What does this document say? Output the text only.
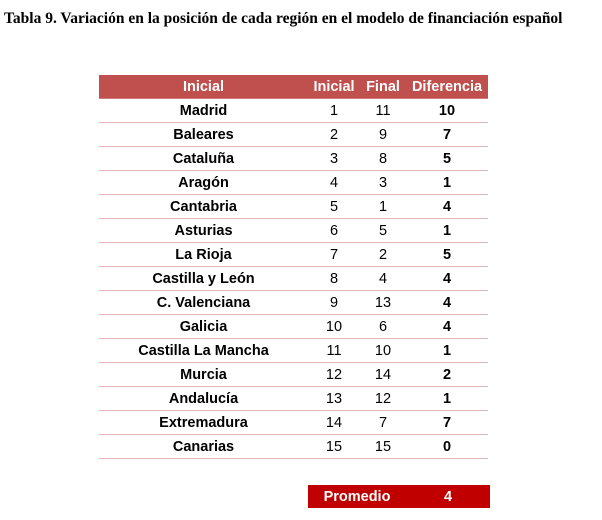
Tabla 9. Variación en la posición de cada región en el modelo de financiación español
Inicial	Inicial	Final	Diferencia
Madrid	1	11	10
Baleares	2	9	7
Cataluña	3	8	5
Aragón	4	3	1
Cantabria	5	1	4
Asturias	6	5	1
La Rioja	7	2	5
Castilla y León	8	4	4
C. Valenciana	9	13	4
Galicia	10	6	4
Castilla La Mancha	11	10	1
Murcia	12	14	2
Andalucía	13	12	1
Extremadura	14	7	7
Canarias	15	15	0
Promedio	4
